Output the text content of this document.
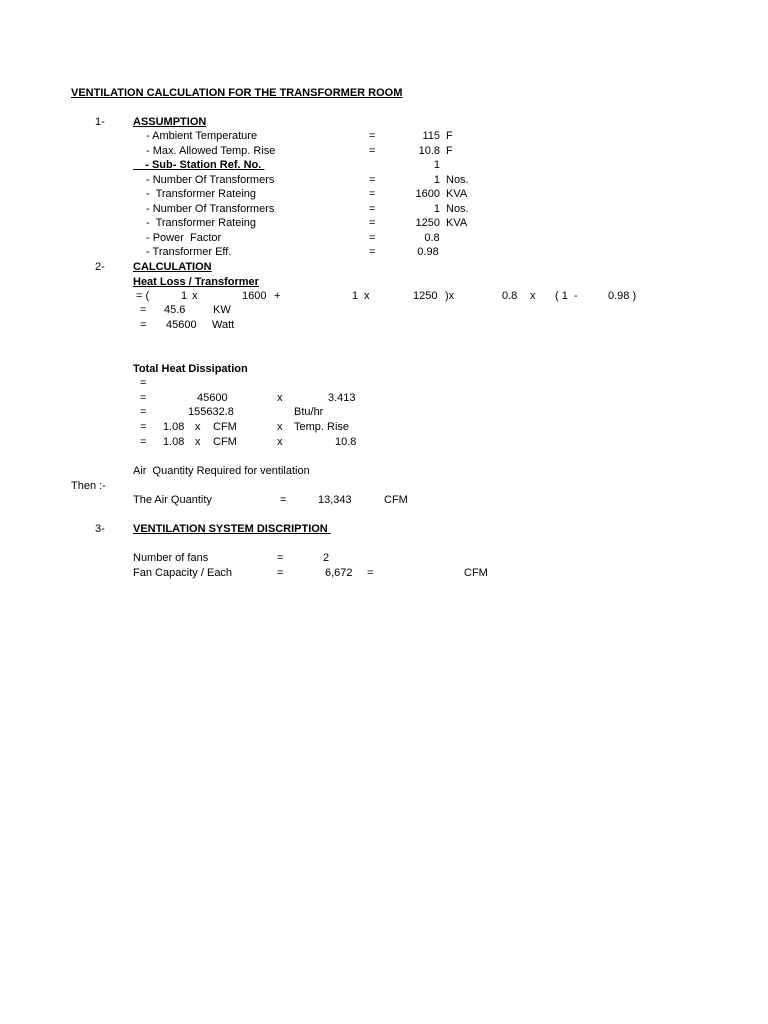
VENTILATION CALCULATION FOR THE TRANSFORMER ROOM
1-	ASSUMPTION
- Ambient Temperature	=	115 F
- Max. Allowed Temp. Rise	=	10.8 F
- Sub- Station Ref. No.	1
- Number Of Transformers	=	1 Nos.
-  Transformer Rateing	=	1600 KVA
- Number Of Transformers	=	1 Nos.
-  Transformer Rateing	=	1250 KVA
- Power  Factor	=	0.8
- Transformer Eff.	=	0.98
2-	CALCULATION
Heat Loss / Transformer
= (	1 x	1600 +	1 x	1250 )x	0.8 x ( 1  -	0.98 )
= 45.6	KW
= 45600 Watt
Total Heat Dissipation
=
=	45600	x	3.413
=	155632.8	Btu/hr
= 1.08 x CFM	x Temp. Rise
= 1.08 x CFM	x	10.8
Air  Quantity Required for ventilation
Then :-
The Air Quantity	=	13,343	CFM
3-	VENTILATION SYSTEM DISCRIPTION
Number of fans	=	2
Fan Capacity / Each	=	6,672 =	CFM
